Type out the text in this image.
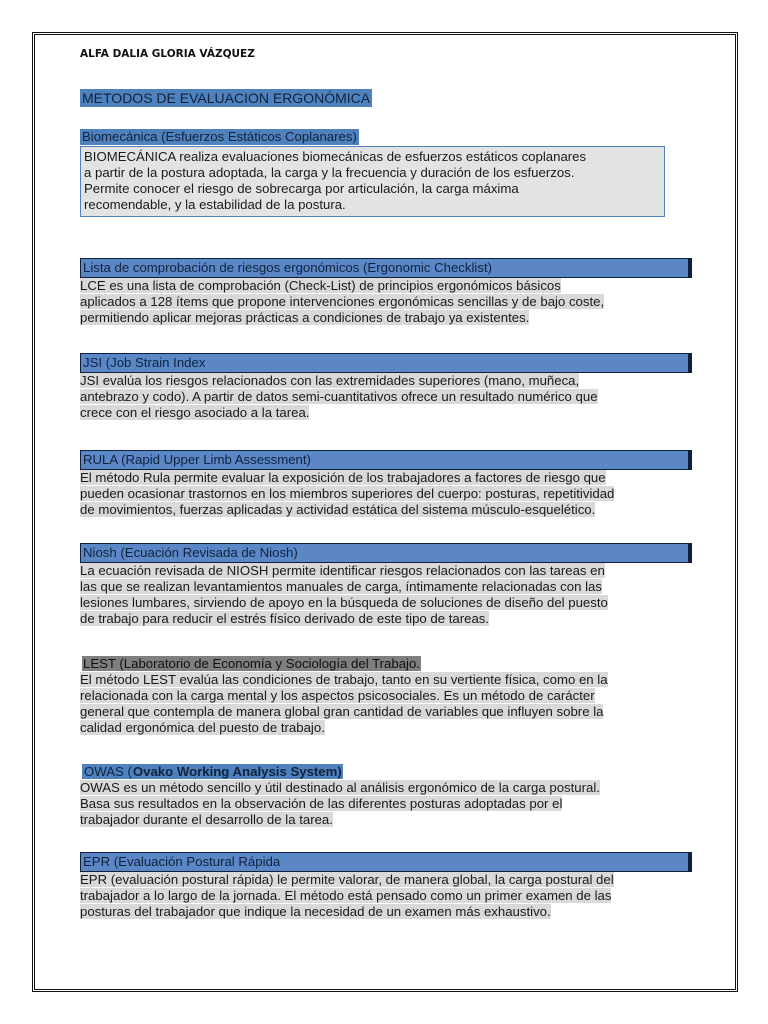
ALFA DALIA GLORIA VÁZQUEZ

METODOS DE EVALUACION ERGONÓMICA
Biomecánica (Esfuerzos Estáticos Coplanares)
BIOMECÁNICA realiza evaluaciones biomecánicas de esfuerzos estáticos coplanares
a partir de la postura adoptada, la carga y la frecuencia y duración de los esfuerzos.
Permite conocer el riesgo de sobrecarga por articulación, la carga máxima
recomendable, y la estabilidad de la postura.
Lista de comprobación de riesgos ergonómicos (Ergonomic Checklist)
LCE es una lista de comprobación (Check-List) de principios ergonómicos básicos
aplicados a 128 ítems que propone intervenciones ergonómicas sencillas y de bajo coste,
permitiendo aplicar mejoras prácticas a condiciones de trabajo ya existentes.
JSI (Job Strain Index
JSI evalúa los riesgos relacionados con las extremidades superiores (mano, muñeca,
antebrazo y codo). A partir de datos semi-cuantitativos ofrece un resultado numérico que
crece con el riesgo asociado a la tarea.
RULA (Rapid Upper Limb Assessment)
El método Rula permite evaluar la exposición de los trabajadores a factores de riesgo que
pueden ocasionar trastornos en los miembros superiores del cuerpo: posturas, repetitividad
de movimientos, fuerzas aplicadas y actividad estática del sistema músculo-esquelético.
Niosh (Ecuación Revisada de Niosh)
La ecuación revisada de NIOSH permite identificar riesgos relacionados con las tareas en
las que se realizan levantamientos manuales de carga, íntimamente relacionadas con las
lesiones lumbares, sirviendo de apoyo en la búsqueda de soluciones de diseño del puesto
de trabajo para reducir el estrés físico derivado de este tipo de tareas.
LEST (Laboratorio de Economía y Sociología del Trabajo.
El método LEST evalúa las condiciones de trabajo, tanto en su vertiente física, como en la
relacionada con la carga mental y los aspectos psicosociales. Es un método de carácter
general que contempla de manera global gran cantidad de variables que influyen sobre la
calidad ergonómica del puesto de trabajo.
OWAS (Ovako Working Analysis System)
OWAS es un método sencillo y útil destinado al análisis ergonómico de la carga postural.
Basa sus resultados en la observación de las diferentes posturas adoptadas por el
trabajador durante el desarrollo de la tarea.
EPR (Evaluación Postural Rápida
EPR (evaluación postural rápida) le permite valorar, de manera global, la carga postural del
trabajador a lo largo de la jornada. El método está pensado como un primer examen de las
posturas del trabajador que indique la necesidad de un examen más exhaustivo.
